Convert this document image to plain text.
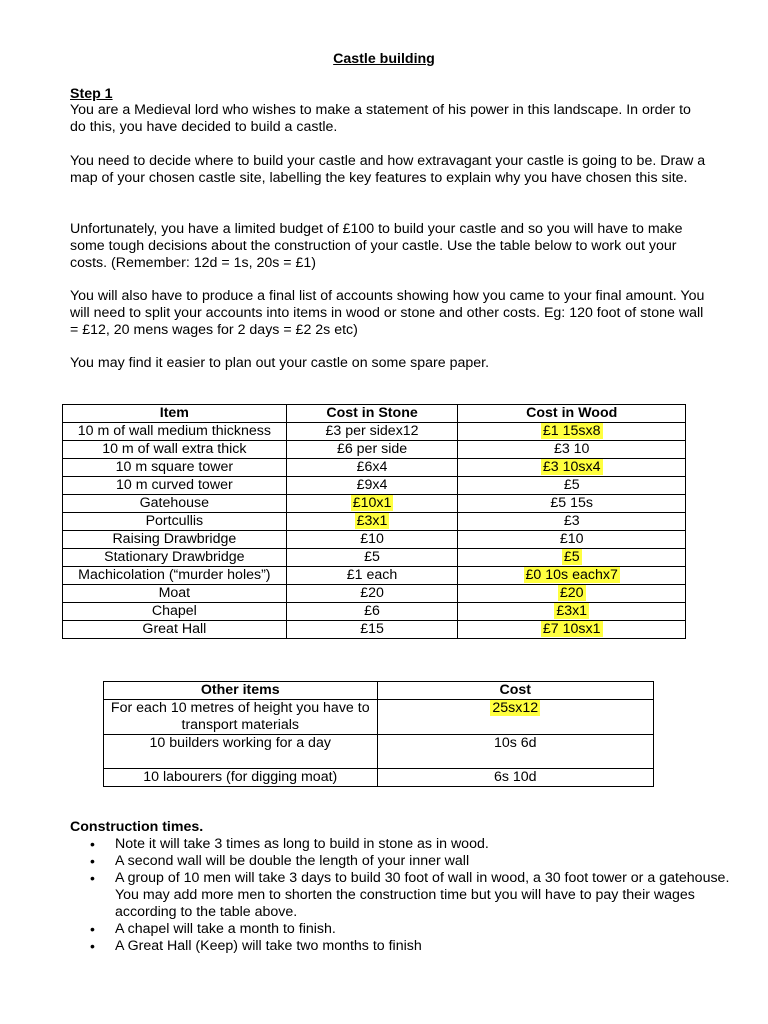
Castle building
Step 1

You are a Medieval lord who wishes to make a statement of his power in this landscape. In order to do this, you have decided to build a castle.

You need to decide where to build your castle and how extravagant your castle is going to be. Draw a map of your chosen castle site, labelling the key features to explain why you have chosen this site.

Unfortunately, you have a limited budget of £100 to build your castle and so you will have to make some tough decisions about the construction of your castle. Use the table below to work out your costs. (Remember: 12d = 1s, 20s = £1)

You will also have to produce a final list of accounts showing how you came to your final amount. You will need to split your accounts into items in wood or stone and other costs. Eg: 120 foot of stone wall = £12, 20 mens wages for 2 days = £2 2s etc)

You may find it easier to plan out your castle on some spare paper.

Item	Cost in Stone	Cost in Wood
10 m of wall medium thickness	£3 per sidex12	£1 15sx8
10 m of wall extra thick	£6 per side	£3 10
10 m square tower	£6x4	£3 10sx4
10 m curved tower	£9x4	£5
Gatehouse	£10x1	£5 15s
Portcullis	£3x1	£3
Raising Drawbridge	£10	£10
Stationary Drawbridge	£5	£5
Machicolation (“murder holes”)	£1 each	£0 10s eachx7
Moat	£20	£20
Chapel	£6	£3x1
Great Hall	£15	£7 10sx1
Other items	Cost
For each 10 metres of height you have to transport materials	25sx12
10 builders working for a day	10s 6d
10 labourers (for digging moat)	6s 10d
Construction times.
• Note it will take 3 times as long to build in stone as in wood.
• A second wall will be double the length of your inner wall
• A group of 10 men will take 3 days to build 30 foot of wall in wood, a 30 foot tower or a gatehouse. You may add more men to shorten the construction time but you will have to pay their wages according to the table above.
• A chapel will take a month to finish.
• A Great Hall (Keep) will take two months to finish
